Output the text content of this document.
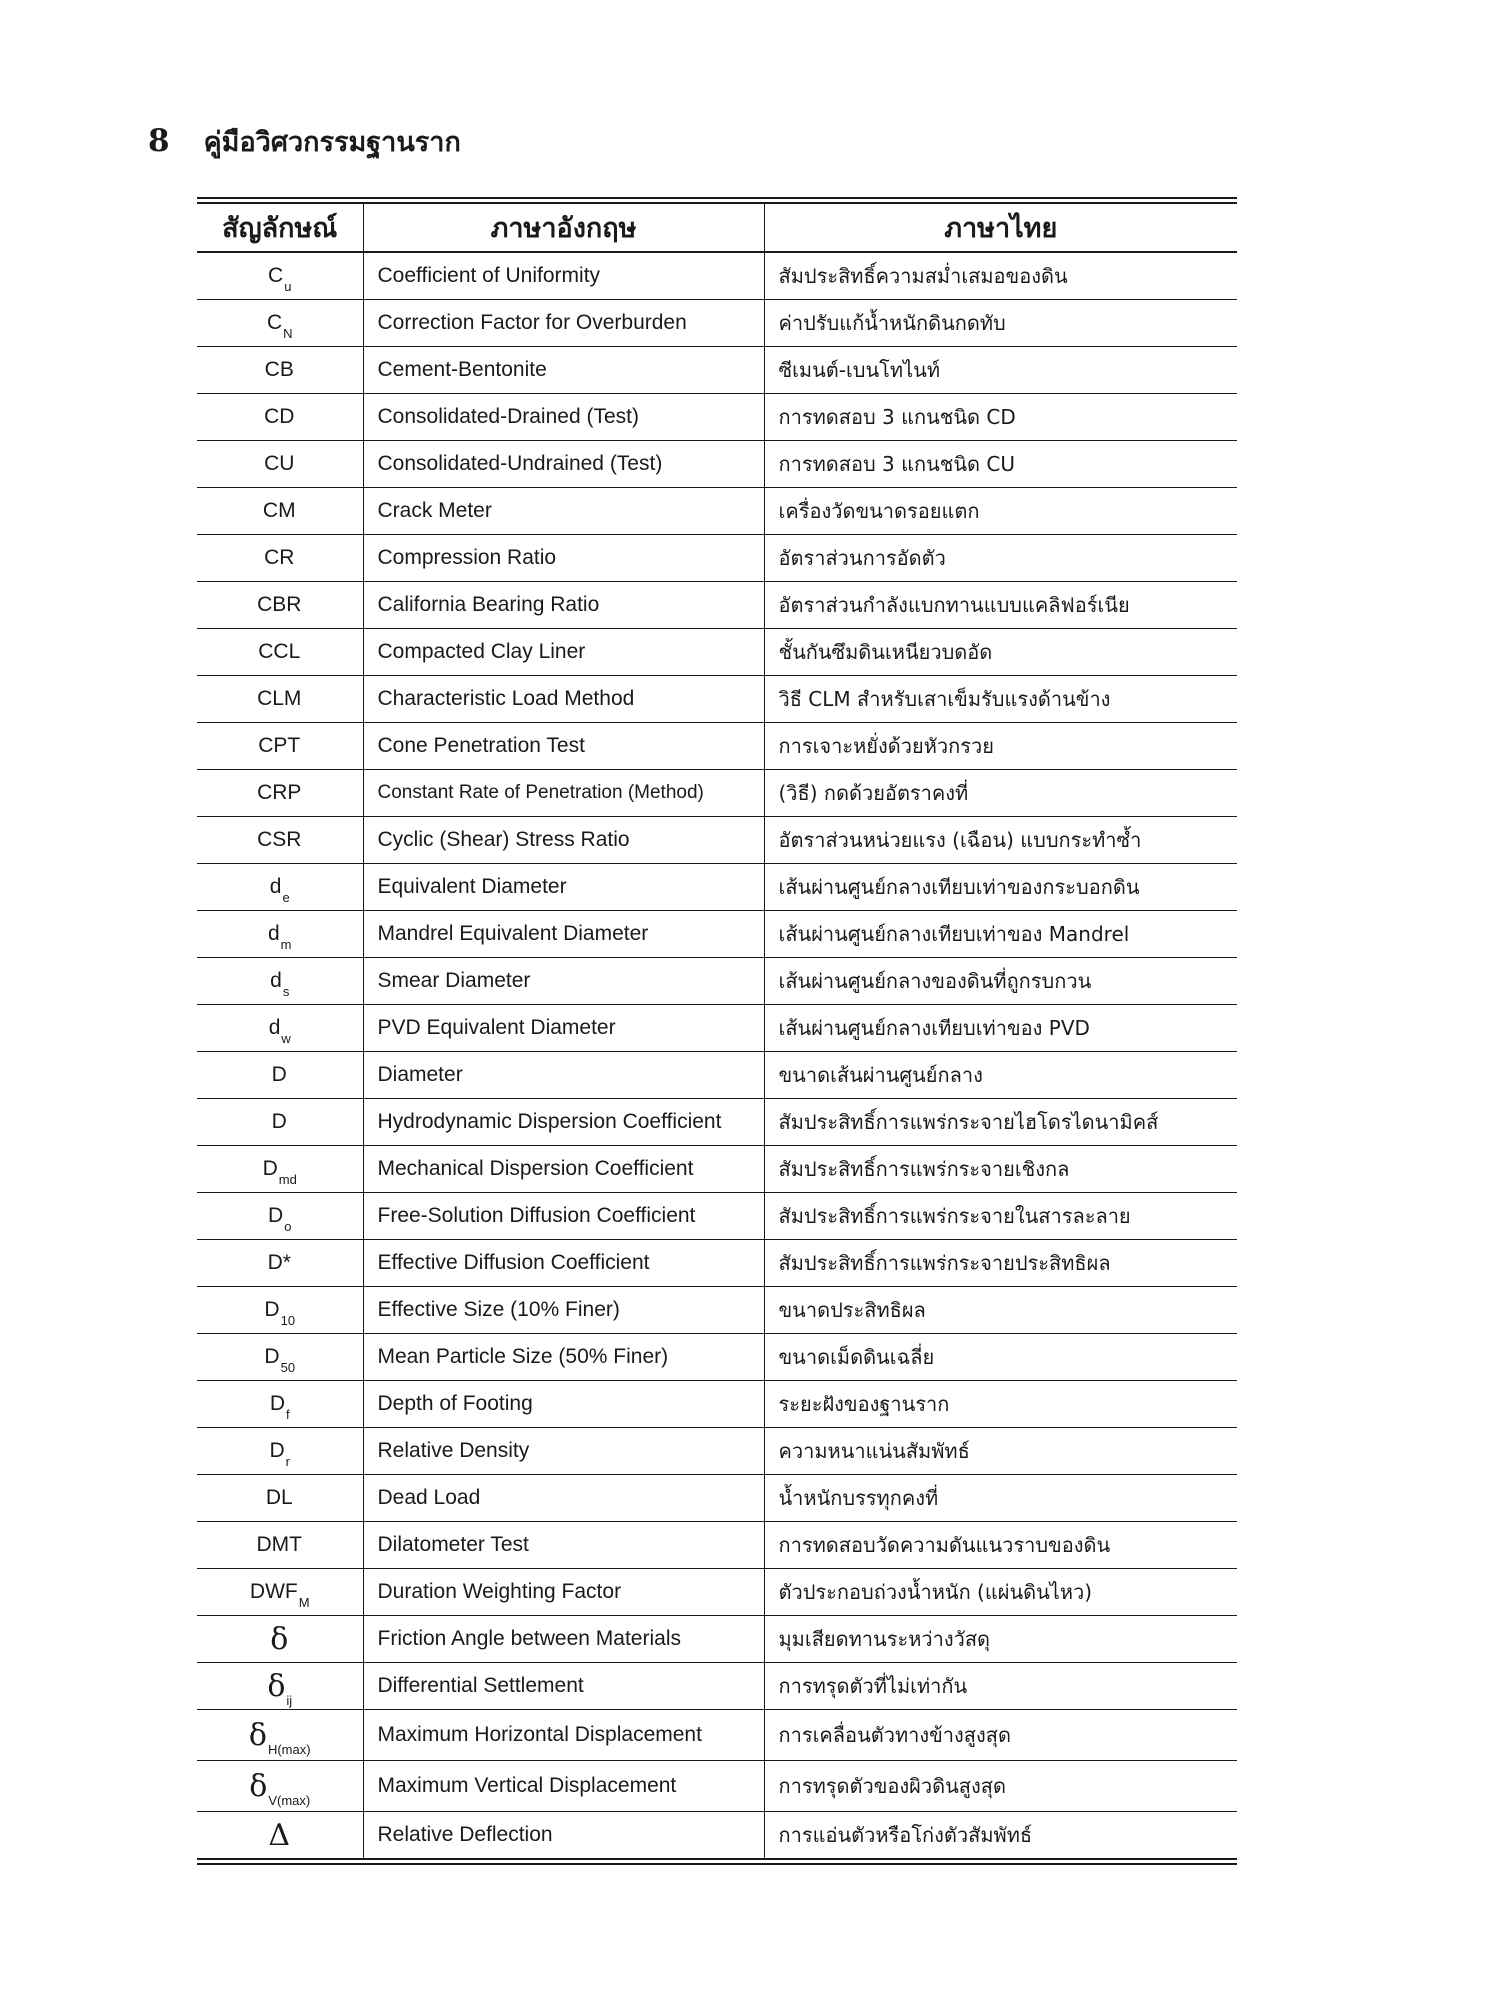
8 คู่มือวิศวกรรมฐานราก
สัญลักษณ์	ภาษาอังกฤษ	ภาษาไทย
$C_u$	Coefficient of Uniformity	สัมประสิทธิ์ความสม่ำเสมอของดิน
$C_N$	Correction Factor for Overburden	ค่าปรับแก้น้ำหนักดินกดทับ
CB	Cement-Bentonite	ซีเมนต์-เบนโทไนท์
CD	Consolidated-Drained (Test)	การทดสอบ 3 แกนชนิด CD
CU	Consolidated-Undrained (Test)	การทดสอบ 3 แกนชนิด CU
CM	Crack Meter	เครื่องวัดขนาดรอยแตก
CR	Compression Ratio	อัตราส่วนการอัดตัว
CBR	California Bearing Ratio	อัตราส่วนกำลังแบกทานแบบแคลิฟอร์เนีย
CCL	Compacted Clay Liner	ชั้นกันซึมดินเหนียวบดอัด
CLM	Characteristic Load Method	วิธี CLM สำหรับเสาเข็มรับแรงด้านข้าง
CPT	Cone Penetration Test	การเจาะหยั่งด้วยหัวกรวย
CRP	Constant Rate of Penetration (Method)	(วิธี) กดด้วยอัตราคงที่
CSR	Cyclic (Shear) Stress Ratio	อัตราส่วนหน่วยแรง (เฉือน) แบบกระทำซ้ำ
$d_e$	Equivalent Diameter	เส้นผ่านศูนย์กลางเทียบเท่าของกระบอกดิน
$d_m$	Mandrel Equivalent Diameter	เส้นผ่านศูนย์กลางเทียบเท่าของ Mandrel
$d_s$	Smear Diameter	เส้นผ่านศูนย์กลางของดินที่ถูกรบกวน
$d_w$	PVD Equivalent Diameter	เส้นผ่านศูนย์กลางเทียบเท่าของ PVD
D	Diameter	ขนาดเส้นผ่านศูนย์กลาง
D	Hydrodynamic Dispersion Coefficient	สัมประสิทธิ์การแพร่กระจายไฮโดรไดนามิคส์
$D_{md}$	Mechanical Dispersion Coefficient	สัมประสิทธิ์การแพร่กระจายเชิงกล
$D_o$	Free-Solution Diffusion Coefficient	สัมประสิทธิ์การแพร่กระจายในสารละลาย
D*	Effective Diffusion Coefficient	สัมประสิทธิ์การแพร่กระจายประสิทธิผล
$D_{10}$	Effective Size (10% Finer)	ขนาดประสิทธิผล
$D_{50}$	Mean Particle Size (50% Finer)	ขนาดเม็ดดินเฉลี่ย
$D_f$	Depth of Footing	ระยะฝังของฐานราก
$D_r$	Relative Density	ความหนาแน่นสัมพัทธ์
DL	Dead Load	น้ำหนักบรรทุกคงที่
DMT	Dilatometer Test	การทดสอบวัดความดันแนวราบของดิน
$DWF_M$	Duration Weighting Factor	ตัวประกอบถ่วงน้ำหนัก (แผ่นดินไหว)
δ	Friction Angle between Materials	มุมเสียดทานระหว่างวัสดุ
$\delta_{ij}$	Differential Settlement	การทรุดตัวที่ไม่เท่ากัน
$\delta_{H(max)}$	Maximum Horizontal Displacement	การเคลื่อนตัวทางข้างสูงสุด
$\delta_{V(max)}$	Maximum Vertical Displacement	การทรุดตัวของผิวดินสูงสุด
Δ	Relative Deflection	การแอ่นตัวหรือโก่งตัวสัมพัทธ์
